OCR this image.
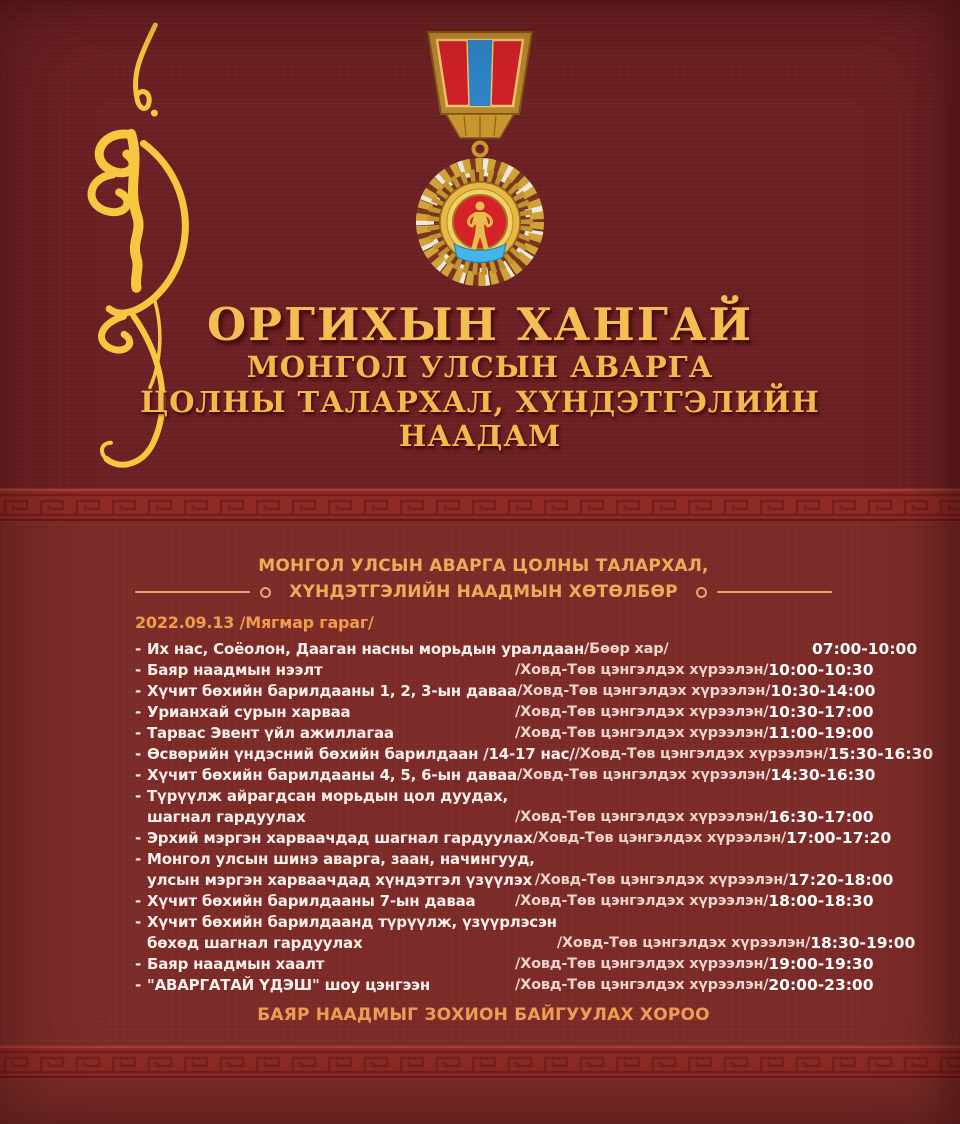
ОРГИХЫН ХАНГАЙ
МОНГОЛ УЛСЫН АВАРГА
ЦОЛНЫ ТАЛАРХАЛ, ХҮНДЭТГЭЛИЙН
НААДАМ
МОНГОЛ УЛСЫН АВАРГА ЦОЛНЫ ТАЛАРХАЛ,
ХҮНДЭТГЭЛИЙН НААДМЫН ХӨТӨЛБӨР
2022.09.13 /Мягмар гараг/
- Их нас, Соёолон, Дааган насны морьдын уралдаан /Бөөр хар/	07:00-10:00
- Баяр наадмын нээлт	/Ховд-Төв цэнгэлдэх хүрээлэн/ 10:00-10:30
- Хүчит бөхийн барилдааны 1, 2, 3-ын даваа /Ховд-Төв цэнгэлдэх хүрээлэн/ 10:30-14:00
- Урианхай сурын харваа	/Ховд-Төв цэнгэлдэх хүрээлэн/ 10:30-17:00
- Тарвас Эвент үйл ажиллагаа	/Ховд-Төв цэнгэлдэх хүрээлэн/ 11:00-19:00
- Өсвөрийн үндэсний бөхийн барилдаан /14-17 нас/ /Ховд-Төв цэнгэлдэх хүрээлэн/ 15:30-16:30
- Хүчит бөхийн барилдааны 4, 5, 6-ын даваа /Ховд-Төв цэнгэлдэх хүрээлэн/ 14:30-16:30
- Түрүүлж айрагдсан морьдын цол дуудах,
шагнал гардуулах	/Ховд-Төв цэнгэлдэх хүрээлэн/ 16:30-17:00
- Эрхий мэргэн харваачдад шагнал гардуулах /Ховд-Төв цэнгэлдэх хүрээлэн/ 17:00-17:20
- Монгол улсын шинэ аварга, заан, начингууд,
улсын мэргэн харваачдад хүндэтгэл үзүүлэх /Ховд-Төв цэнгэлдэх хүрээлэн/ 17:20-18:00
- Хүчит бөхийн барилдааны 7-ын даваа	/Ховд-Төв цэнгэлдэх хүрээлэн/ 18:00-18:30
- Хүчит бөхийн барилдаанд түрүүлж, үзүүрлэсэн
бөхөд шагнал гардуулах	/Ховд-Төв цэнгэлдэх хүрээлэн/ 18:30-19:00
- Баяр наадмын хаалт	/Ховд-Төв цэнгэлдэх хүрээлэн/ 19:00-19:30
- "АВАРГАТАЙ ҮДЭШ" шоу цэнгээн	/Ховд-Төв цэнгэлдэх хүрээлэн/ 20:00-23:00
БАЯР НААДМЫГ ЗОХИОН БАЙГУУЛАХ ХОРОО
